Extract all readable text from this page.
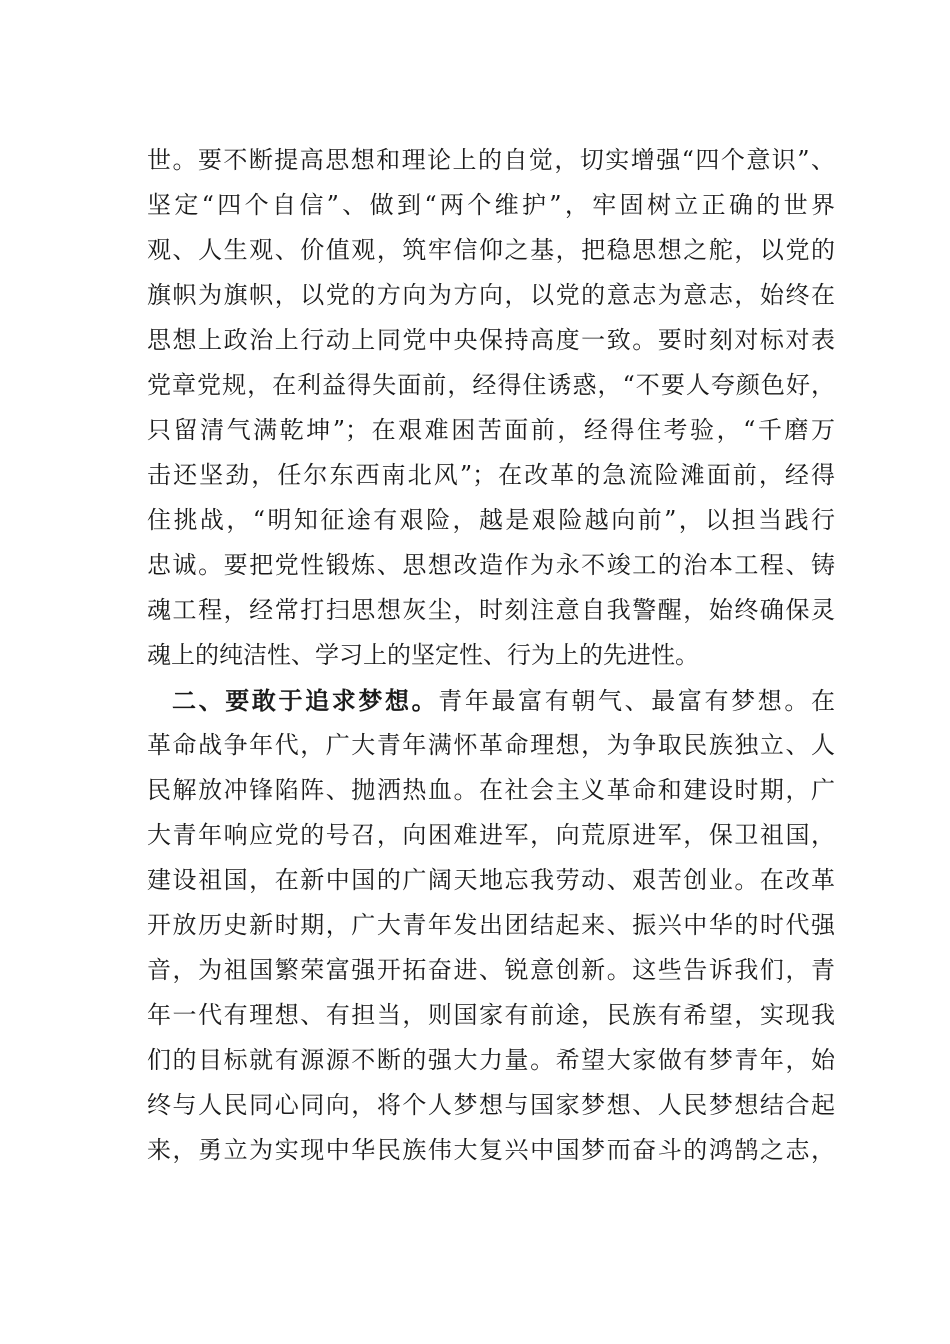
世。要不断提高思想和理论上的自觉，切实增强“四个意识”、
坚定“四个自信”、做到“两个维护”，牢固树立正确的世界
观、人生观、价值观，筑牢信仰之基，把稳思想之舵，以党的
旗帜为旗帜，以党的方向为方向，以党的意志为意志，始终在
思想上政治上行动上同党中央保持高度一致。要时刻对标对表
党章党规，在利益得失面前，经得住诱惑，“不要人夸颜色好，
只留清气满乾坤”；在艰难困苦面前，经得住考验，“千磨万
击还坚劲，任尔东西南北风”；在改革的急流险滩面前，经得
住挑战，“明知征途有艰险，越是艰险越向前”，以担当践行
忠诚。要把党性锻炼、思想改造作为永不竣工的治本工程、铸
魂工程，经常打扫思想灰尘，时刻注意自我警醒，始终确保灵
魂上的纯洁性、学习上的坚定性、行为上的先进性。
二、要敢于追求梦想。青年最富有朝气、最富有梦想。在
革命战争年代，广大青年满怀革命理想，为争取民族独立、人
民解放冲锋陷阵、抛洒热血。在社会主义革命和建设时期，广
大青年响应党的号召，向困难进军，向荒原进军，保卫祖国，
建设祖国，在新中国的广阔天地忘我劳动、艰苦创业。在改革
开放历史新时期，广大青年发出团结起来、振兴中华的时代强
音，为祖国繁荣富强开拓奋进、锐意创新。这些告诉我们，青
年一代有理想、有担当，则国家有前途，民族有希望，实现我
们的目标就有源源不断的强大力量。希望大家做有梦青年，始
终与人民同心同向，将个人梦想与国家梦想、人民梦想结合起
来，勇立为实现中华民族伟大复兴中国梦而奋斗的鸿鹄之志，
